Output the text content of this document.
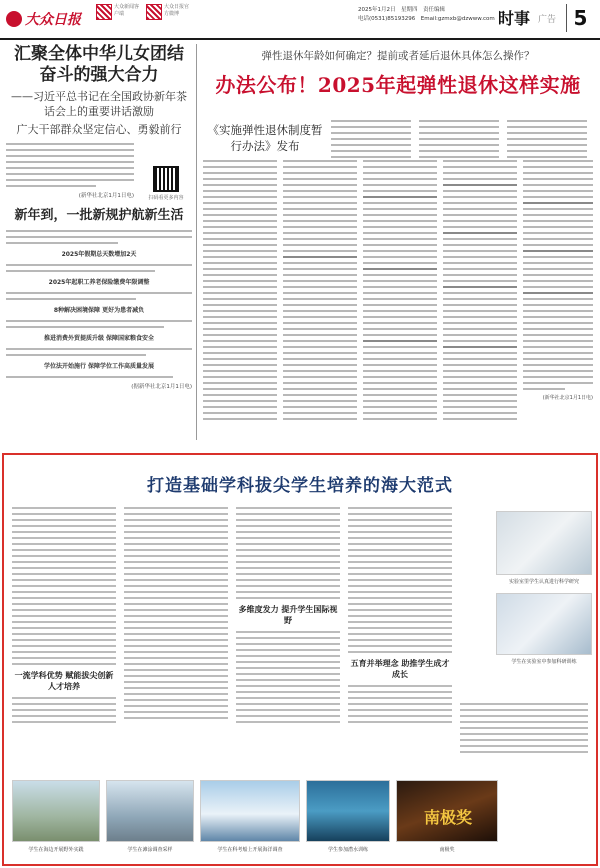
大众日报
大众新闻客户端
大众日报官方微博
2025年1月2日　星期四　责任编辑
电话(0531)85193296　Email:gzmxb@dzwww.com 时事 广告 5
汇聚全体中华儿女团结奋斗的强大合力
——习近平总书记在全国政协新年茶话会上的重要讲话激励
广大干部群众坚定信心、勇毅前行
(新华社北京1月1日电)
新年到，一批新规护航新生活
2025年假期总天数增加2天
2025年起职工养老保险缴费年限调整
8种解决困境保障 更好为患者减负
推进消费外贸提质升级 保障国家粮食安全
学位法开始施行 保障学位工作高质量发展
(据新华社北京1月1日电)
扫码看更多内容
弹性退休年龄如何确定？提前或者延后退休具体怎么操作？
办法公布！2025年起弹性退休这样实施
《实施弹性退休制度暂行办法》发布
(新华社北京1月1日电)
打造基础学科拔尖学生培养的海大范式
一流学科优势 赋能拔尖创新人才培养
多维度发力 提升学生国际视野
五育并举理念 助推学生成才成长
实验室里学生认真进行科学研究
学生在实验室中参加科研训练
学生在海边开展野外实践	学生在滩涂调查采样	学生在科考船上开展海洋调查	学生参加潜水训练
南极奖
南极奖
